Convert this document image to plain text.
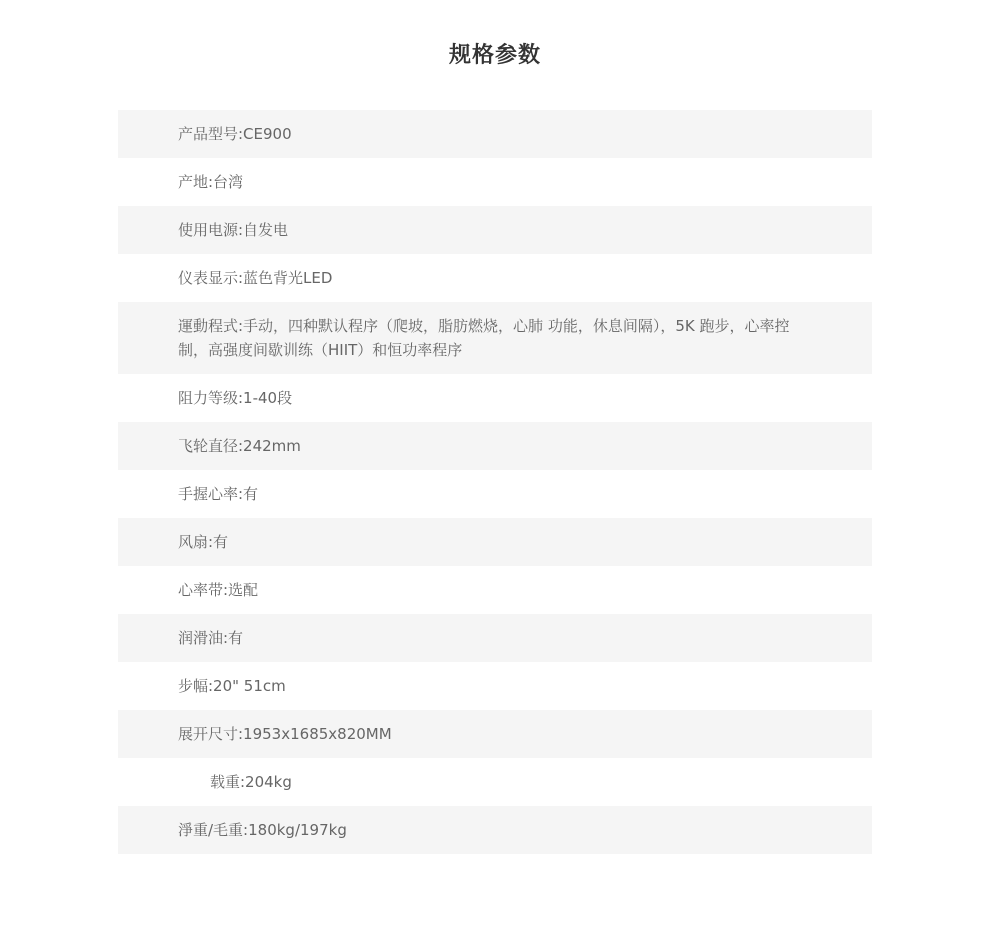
规格参数
产品型号:CE900
产地:台湾
使用电源:自发电
仪表显示:蓝色背光LED
運動程式:手动，四种默认程序（爬坡，脂肪燃烧，心肺 功能，休息间隔），5K 跑步，心率控制，高强度间歇训练（HIIT）和恒功率程序
阻力等级:1-40段
飞轮直径:242mm
手握心率:有
风扇:有
心率带:选配
润滑油:有
步幅:20" 51cm
展开尺寸:1953x1685x820MM
载重:204kg
淨重/毛重:180kg/197kg
